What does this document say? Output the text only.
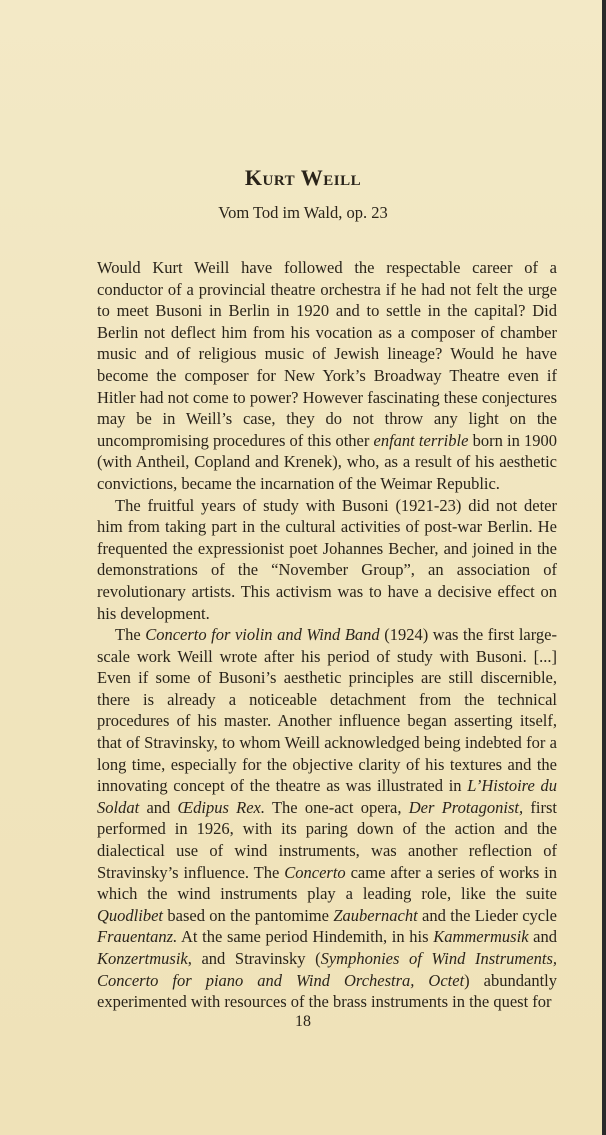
Kurt Weill
Vom Tod im Wald, op. 23

Would Kurt Weill have followed the respectable career of a conductor of a provincial theatre orchestra if he had not felt the urge to meet Busoni in Berlin in 1920 and to settle in the capital? Did Berlin not deflect him from his vocation as a composer of chamber music and of religious music of Jewish lineage? Would he have become the composer for New York’s Broadway Theatre even if Hitler had not come to power? However fascinating these conjectures may be in Weill’s case, they do not throw any light on the uncompromising procedures of this other enfant terrible born in 1900 (with Antheil, Copland and Krenek), who, as a result of his aesthetic convictions, became the incarnation of the Weimar Republic.

The fruitful years of study with Busoni (1921-23) did not deter him from taking part in the cultural activities of post-war Berlin. He frequented the expressionist poet Johannes Becher, and joined in the demonstrations of the “November Group”, an association of revolutionary artists. This activism was to have a decisive effect on his development.

The Concerto for violin and Wind Band (1924) was the first large-scale work Weill wrote after his period of study with Busoni. [...] Even if some of Busoni’s aesthetic principles are still discernible, there is already a noticeable detachment from the technical procedures of his master. Another influence began asserting itself, that of Stravinsky, to whom Weill acknowledged being indebted for a long time, especially for the objective clarity of his textures and the innovating concept of the theatre as was illustrated in L’Histoire du Soldat and Œdipus Rex. The one-act opera, Der Protagonist, first performed in 1926, with its paring down of the action and the dialectical use of wind instruments, was another reflection of Stravinsky’s influence. The Concerto came after a series of works in which the wind instruments play a leading role, like the suite Quodlibet based on the pantomime Zaubernacht and the Lieder cycle Frauentanz. At the same period Hindemith, in his Kammermusik and Konzertmusik, and Stravinsky (Symphonies of Wind Instruments, Concerto for piano and Wind Orchestra, Octet) abundantly experimented with resources of the brass instruments in the quest for

18
